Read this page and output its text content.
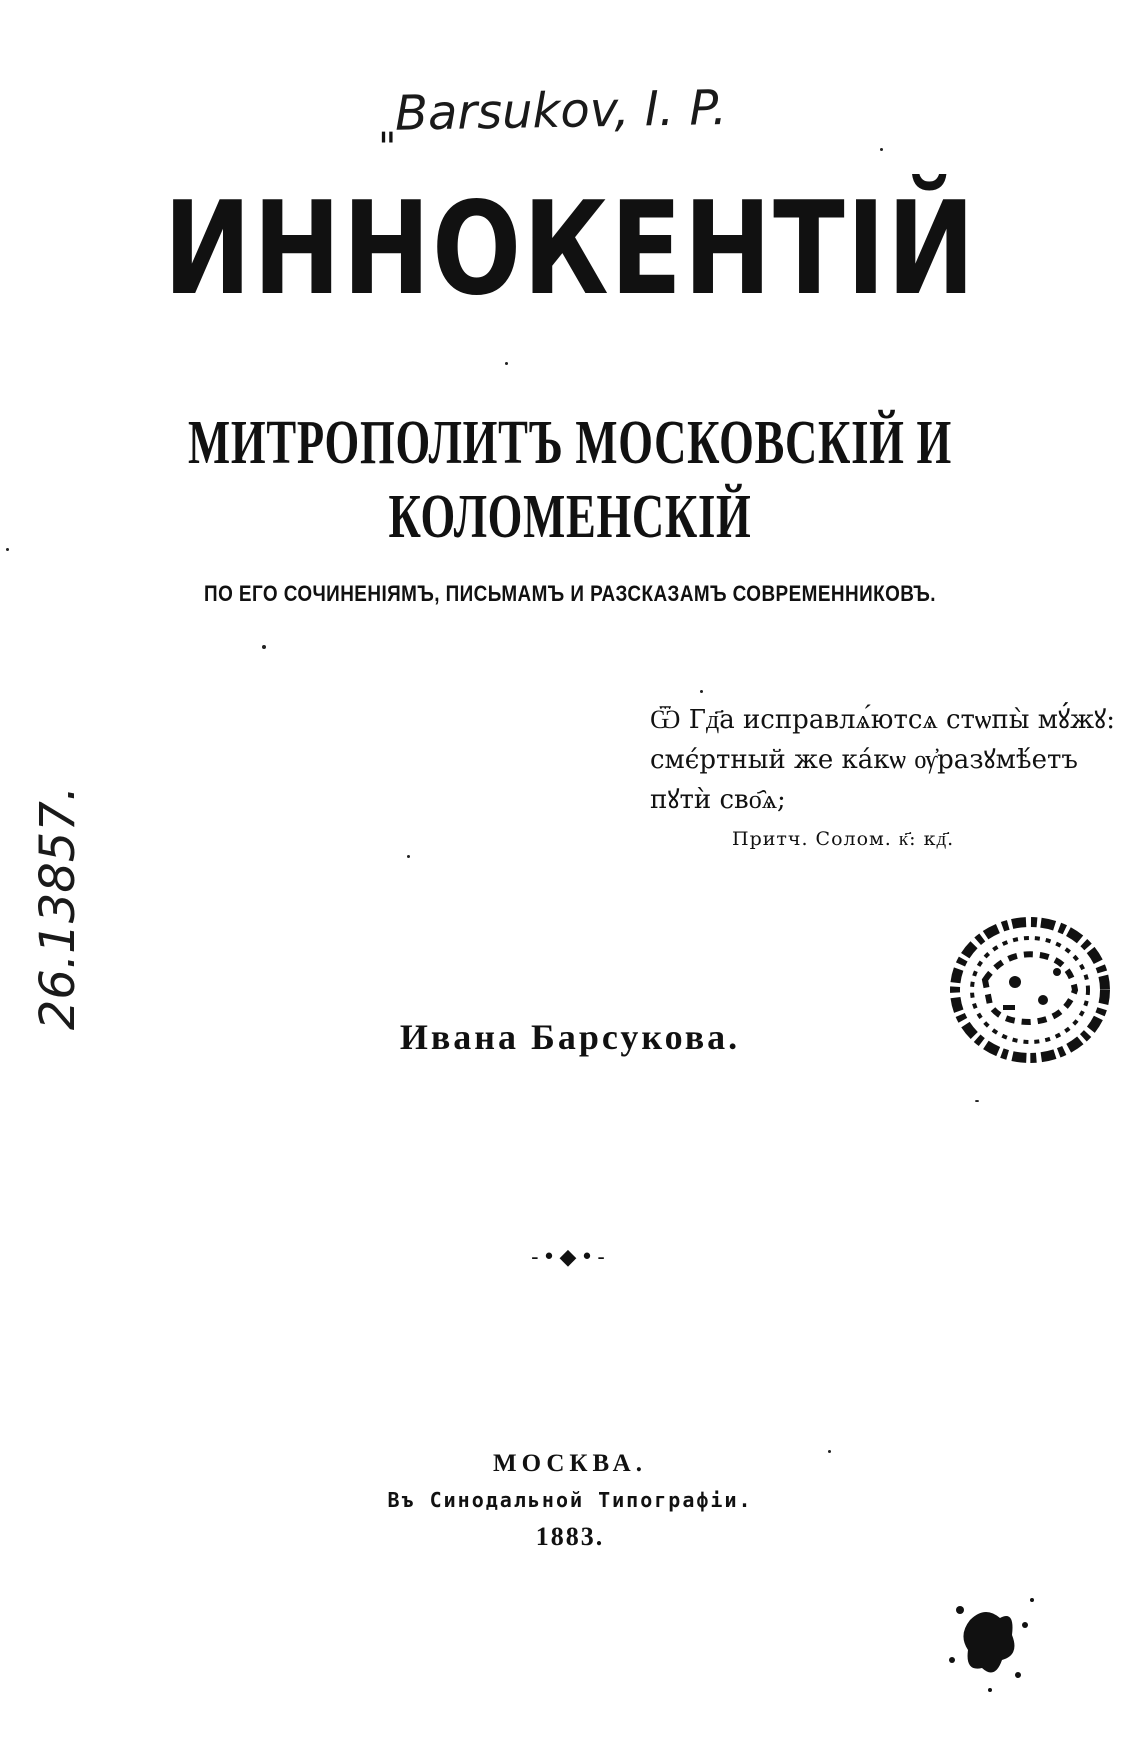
"
Barsukov, I. P.
ИННОКЕНТІЙ
МИТРОПОЛИТЪ МОСКОВСКІЙ И КОЛОМЕНСКІЙ
ПО ЕГО СОЧИНЕНІЯМЪ, ПИСЬМАМЪ И РАЗСКАЗАМЪ СОВРЕМЕННИКОВЪ.
Ѿ Гд҃а исправлѧ́ютсѧ стѡпы̀ мꙋ́жꙋ:
смє́ртный же ка́кѡ ѹ҆разꙋмѣ́етъ
пꙋтѝ сво҄ѧ;
Притч. Солом. к҃: кд҃.
26.13857.
Ивана Барсукова.
-•◆•-
МОСКВА.
Въ Синодальной Типографіи.
1883.
